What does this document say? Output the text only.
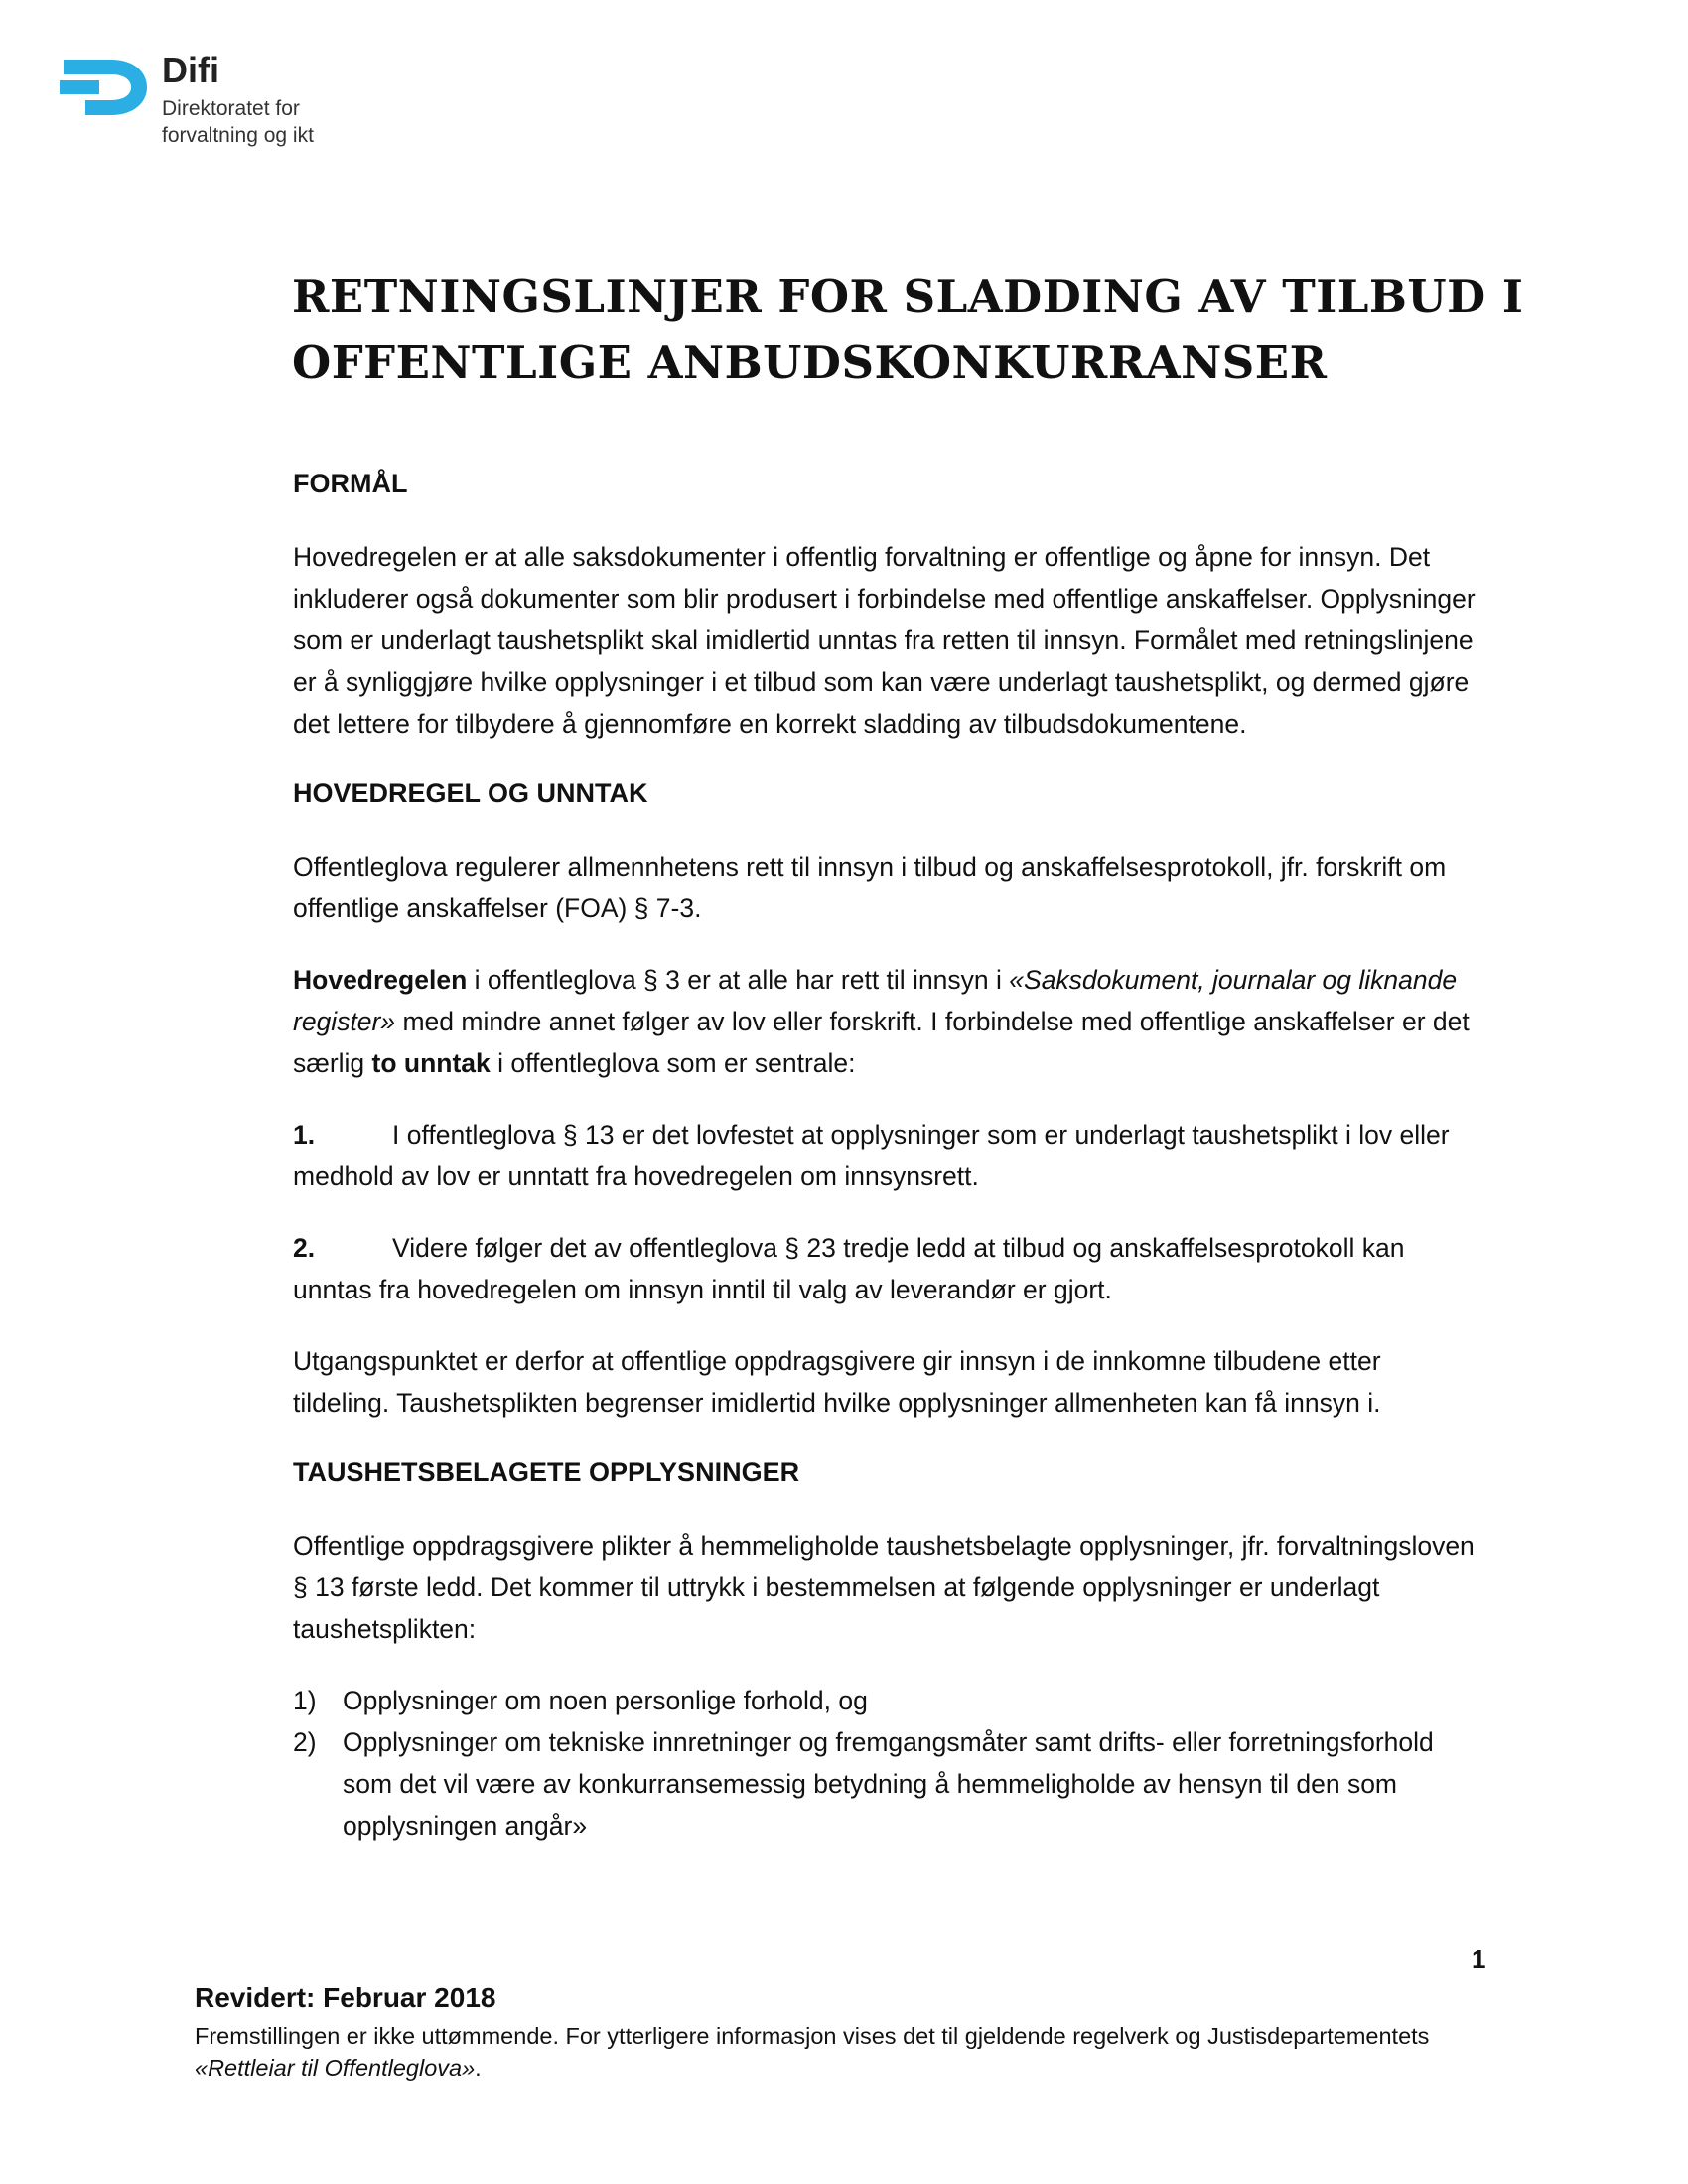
Difi
Direktoratet for
forvaltning og ikt
RETNINGSLINJER FOR SLADDING AV TILBUD I
OFFENTLIGE ANBUDSKONKURRANSER
FORMÅL
Hovedregelen er at alle saksdokumenter i offentlig forvaltning er offentlige og åpne for innsyn. Det inkluderer også dokumenter som blir produsert i forbindelse med offentlige anskaffelser. Opplysninger som er underlagt taushetsplikt skal imidlertid unntas fra retten til innsyn. Formålet med retningslinjene er å synliggjøre hvilke opplysninger i et tilbud som kan være underlagt taushetsplikt, og dermed gjøre det lettere for tilbydere å gjennomføre en korrekt sladding av tilbudsdokumentene.
HOVEDREGEL OG UNNTAK
Offentleglova regulerer allmennhetens rett til innsyn i tilbud og anskaffelsesprotokoll, jfr. forskrift om offentlige anskaffelser (FOA) § 7-3.
Hovedregelen i offentleglova § 3 er at alle har rett til innsyn i «Saksdokument, journalar og liknande register» med mindre annet følger av lov eller forskrift. I forbindelse med offentlige anskaffelser er det særlig to unntak i offentleglova som er sentrale:
1.	I offentleglova § 13 er det lovfestet at opplysninger som er underlagt taushetsplikt i lov eller medhold av lov er unntatt fra hovedregelen om innsynsrett.
2.	Videre følger det av offentleglova § 23 tredje ledd at tilbud og anskaffelsesprotokoll kan unntas fra hovedregelen om innsyn inntil til valg av leverandør er gjort.
Utgangspunktet er derfor at offentlige oppdragsgivere gir innsyn i de innkomne tilbudene etter tildeling. Taushetsplikten begrenser imidlertid hvilke opplysninger allmenheten kan få innsyn i.
TAUSHETSBELAGETE OPPLYSNINGER
Offentlige oppdragsgivere plikter å hemmeligholde taushetsbelagte opplysninger, jfr. forvaltningsloven § 13 første ledd. Det kommer til uttrykk i bestemmelsen at følgende opplysninger er underlagt taushetsplikten:
1) Opplysninger om noen personlige forhold, og
2) Opplysninger om tekniske innretninger og fremgangsmåter samt drifts- eller forretningsforhold som det vil være av konkurransemessig betydning å hemmeligholde av hensyn til den som opplysningen angår»
1
Revidert: Februar 2018
Fremstillingen er ikke uttømmende. For ytterligere informasjon vises det til gjeldende regelverk og Justisdepartementets «Rettleiar til Offentleglova».
